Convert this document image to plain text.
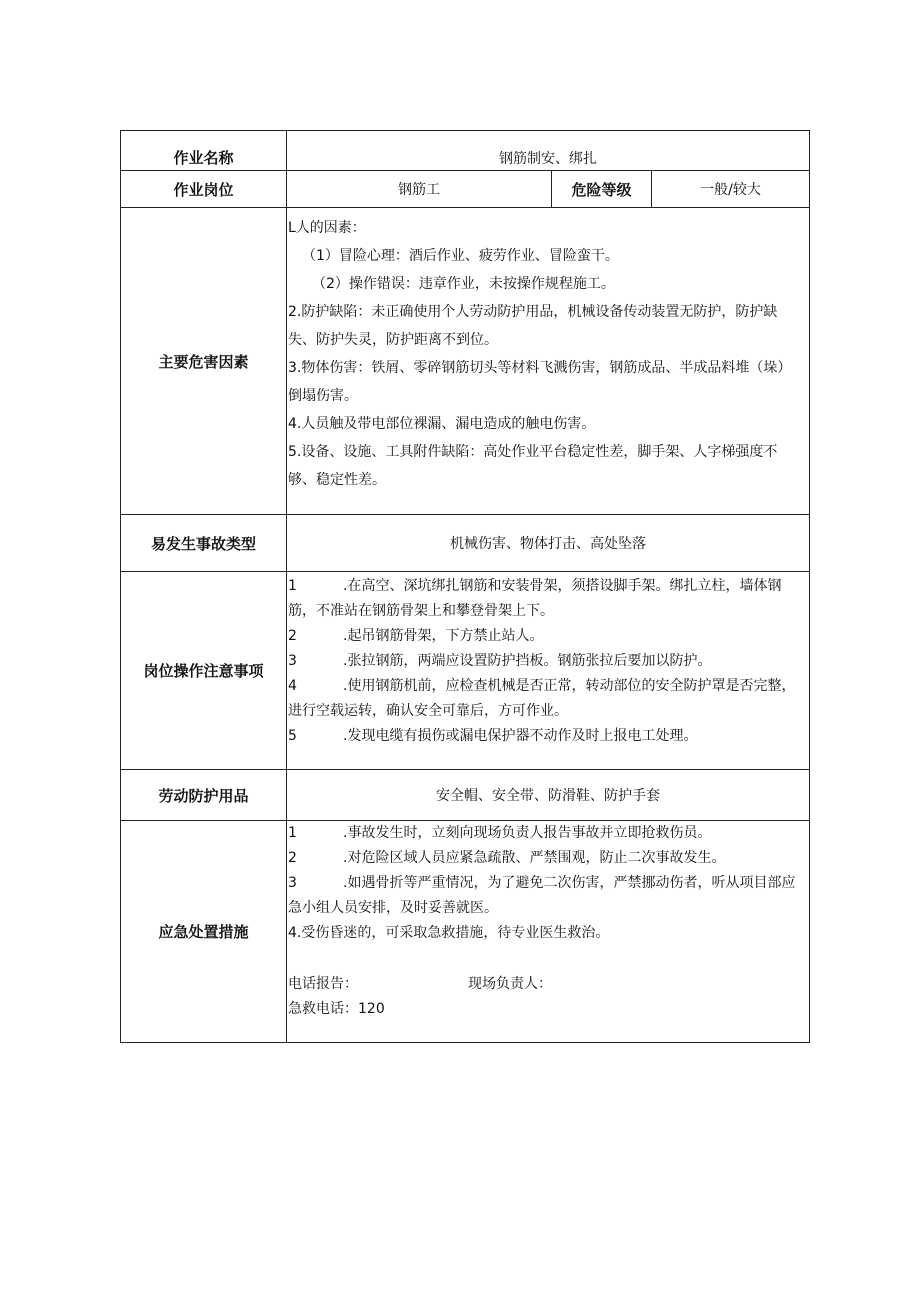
作业名称	钢筋制安、绑扎
作业岗位	钢筋工	危险等级	一般/较大
主要危害因素

L人的因素：

（1）冒险心理：酒后作业、疲劳作业、冒险蛮干。

（2）操作错误：违章作业，未按操作规程施工。

2.防护缺陷：未正确使用个人劳动防护用品，机械设备传动装置无防护，防护缺失、防护失灵，防护距离不到位。

3.物体伤害：铁屑、零碎钢筋切头等材料飞溅伤害，钢筋成品、半成品料堆（垛）倒塌伤害。

4.人员触及带电部位裸漏、漏电造成的触电伤害。

5.设备、设施、工具附件缺陷：高处作业平台稳定性差，脚手架、人字梯强度不够、稳定性差。

易发生事故类型	机械伤害、物体打击、高处坠落
岗位操作注意事项

1	.在高空、深坑绑扎钢筋和安装骨架，须搭设脚手架。绑扎立柱，墙体钢筋，不准站在钢筋骨架上和攀登骨架上下。

2	.起吊钢筋骨架，下方禁止站人。

3	.张拉钢筋，两端应设置防护挡板。钢筋张拉后要加以防护。

4	.使用钢筋机前，应检查机械是否正常，转动部位的安全防护罩是否完整，进行空载运转，确认安全可靠后，方可作业。

5	.发现电缆有损伤或漏电保护器不动作及时上报电工处理。

劳动防护用品	安全帽、安全带、防滑鞋、防护手套
应急处置措施

1	.事故发生时，立刻向现场负责人报告事故并立即抢救伤员。

2	.对危险区域人员应紧急疏散、严禁围观，防止二次事故发生。

3	.如遇骨折等严重情况，为了避免二次伤害，严禁挪动伤者，听从项目部应急小组人员安排，及时妥善就医。

4.受伤昏迷的，可采取急救措施，待专业医生救治。

电话报告：	现场负责人：

急救电话：120
